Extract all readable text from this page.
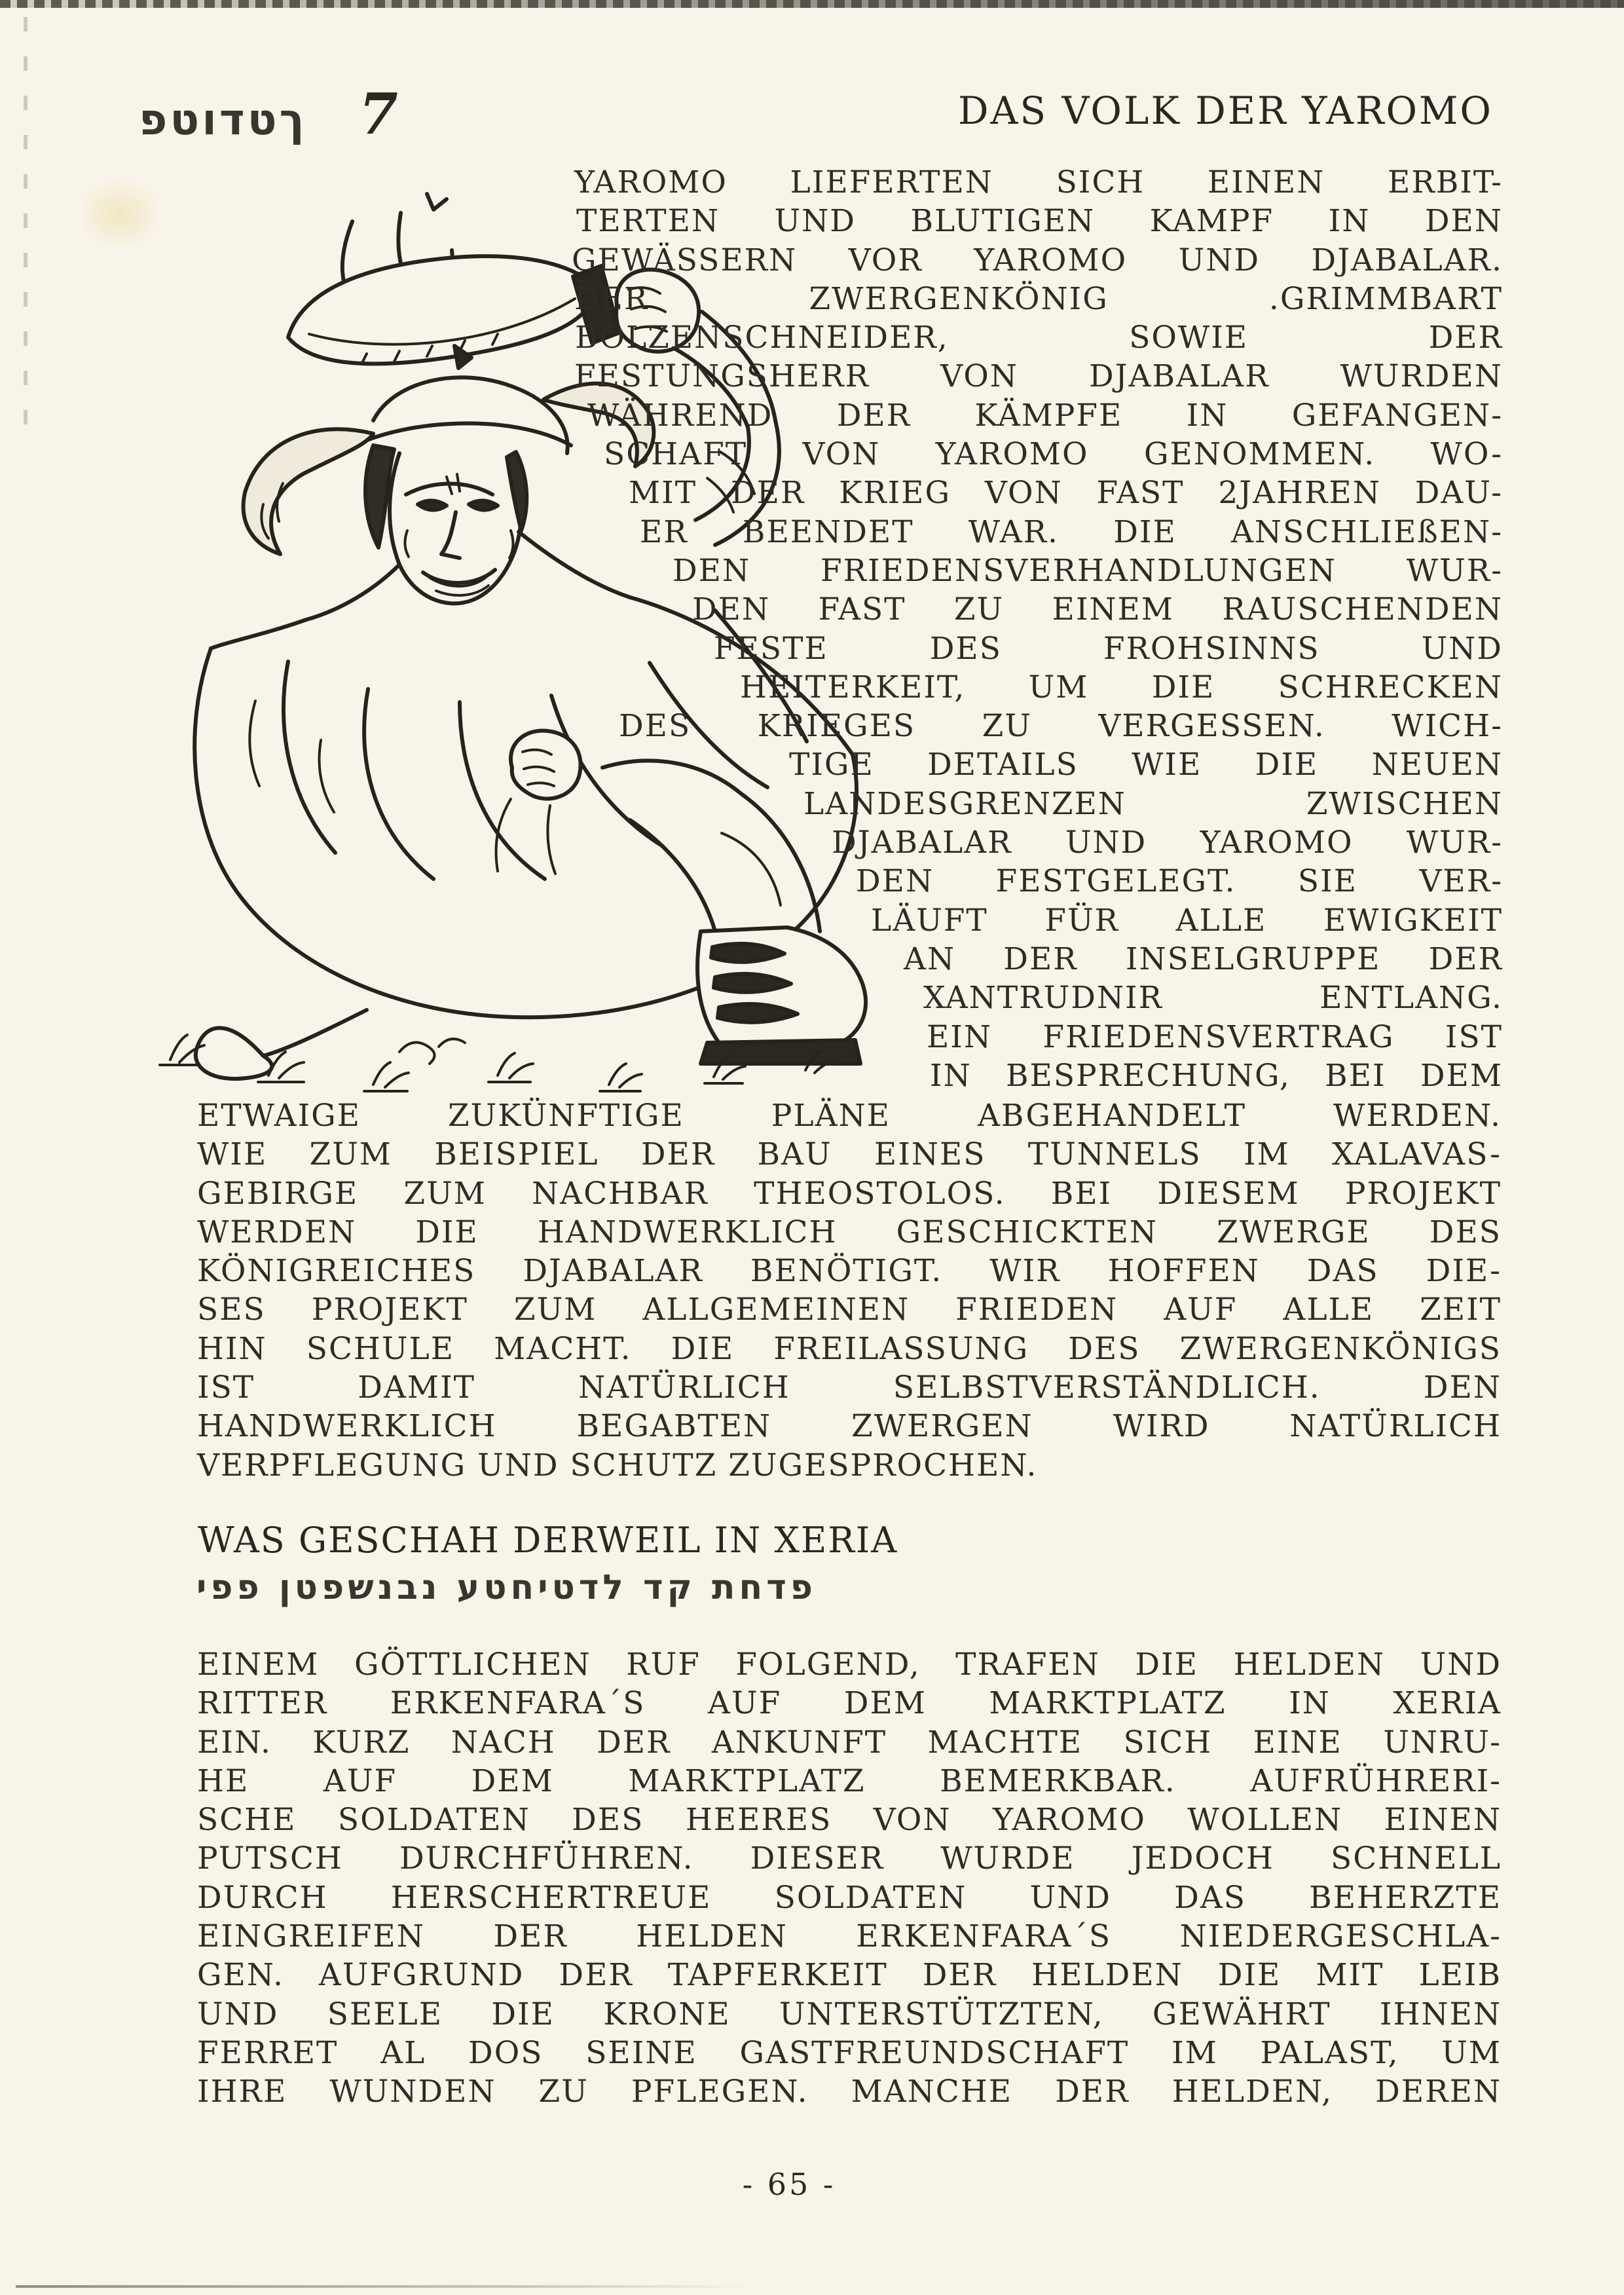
ךטדוטפ 7	DAS VOLK DER YAROMO
YAROMO LIEFERTEN SICH EINEN ERBIT-
TERTEN UND BLUTIGEN KAMPF IN DEN
GEWÄSSERN VOR YAROMO UND DJABALAR.
DER ZWERGENKÖNIG .GRIMMBART
BOLZENSCHNEIDER, SOWIE DER
FESTUNGSHERR VON DJABALAR WURDEN
WÄHREND DER KÄMPFE IN GEFANGEN-
SCHAFT VON YAROMO GENOMMEN. WO-
MIT DER KRIEG VON FAST 2JAHREN DAU-
ER BEENDET WAR. DIE ANSCHLIEßEN-
DEN FRIEDENSVERHANDLUNGEN WUR-
DEN FAST ZU EINEM RAUSCHENDEN
FESTE DES FROHSINNS UND
HEITERKEIT, UM DIE SCHRECKEN
DES KRIEGES ZU VERGESSEN. WICH-
TIGE DETAILS WIE DIE NEUEN
LANDESGRENZEN ZWISCHEN
DJABALAR UND YAROMO WUR-
DEN FESTGELEGT. SIE VER-
LÄUFT FÜR ALLE EWIGKEIT
AN DER INSELGRUPPE DER
XANTRUDNIR ENTLANG.
EIN FRIEDENSVERTRAG IST
IN BESPRECHUNG, BEI DEM
ETWAIGE ZUKÜNFTIGE PLÄNE ABGEHANDELT WERDEN.
WIE ZUM BEISPIEL DER BAU EINES TUNNELS IM XALAVAS-
GEBIRGE ZUM NACHBAR THEOSTOLOS. BEI DIESEM PROJEKT
WERDEN DIE HANDWERKLICH GESCHICKTEN ZWERGE DES
KÖNIGREICHES DJABALAR BENÖTIGT. WIR HOFFEN DAS DIE-
SES PROJEKT ZUM ALLGEMEINEN FRIEDEN AUF ALLE ZEIT
HIN SCHULE MACHT. DIE FREILASSUNG DES ZWERGENKÖNIGS
IST DAMIT NATÜRLICH SELBSTVERSTÄNDLICH. DEN
HANDWERKLICH BEGABTEN ZWERGEN WIRD NATÜRLICH
VERPFLEGUNG UND SCHUTZ ZUGESPROCHEN.
WAS GESCHAH DERWEIL IN XERIA
פדחת קד לדטיחטע נבנשפטן פפי
EINEM GÖTTLICHEN RUF FOLGEND, TRAFEN DIE HELDEN UND
RITTER ERKENFARA´S AUF DEM MARKTPLATZ IN XERIA
EIN. KURZ NACH DER ANKUNFT MACHTE SICH EINE UNRU-
HE AUF DEM MARKTPLATZ BEMERKBAR. AUFRÜHRERI-
SCHE SOLDATEN DES HEERES VON YAROMO WOLLEN EINEN
PUTSCH DURCHFÜHREN. DIESER WURDE JEDOCH SCHNELL
DURCH HERSCHERTREUE SOLDATEN UND DAS BEHERZTE
EINGREIFEN DER HELDEN ERKENFARA´S NIEDERGESCHLA-
GEN. AUFGRUND DER TAPFERKEIT DER HELDEN DIE MIT LEIB
UND SEELE DIE KRONE UNTERSTÜTZTEN, GEWÄHRT IHNEN
FERRET AL DOS SEINE GASTFREUNDSCHAFT IM PALAST, UM
IHRE WUNDEN ZU PFLEGEN. MANCHE DER HELDEN, DEREN
- 65 -
